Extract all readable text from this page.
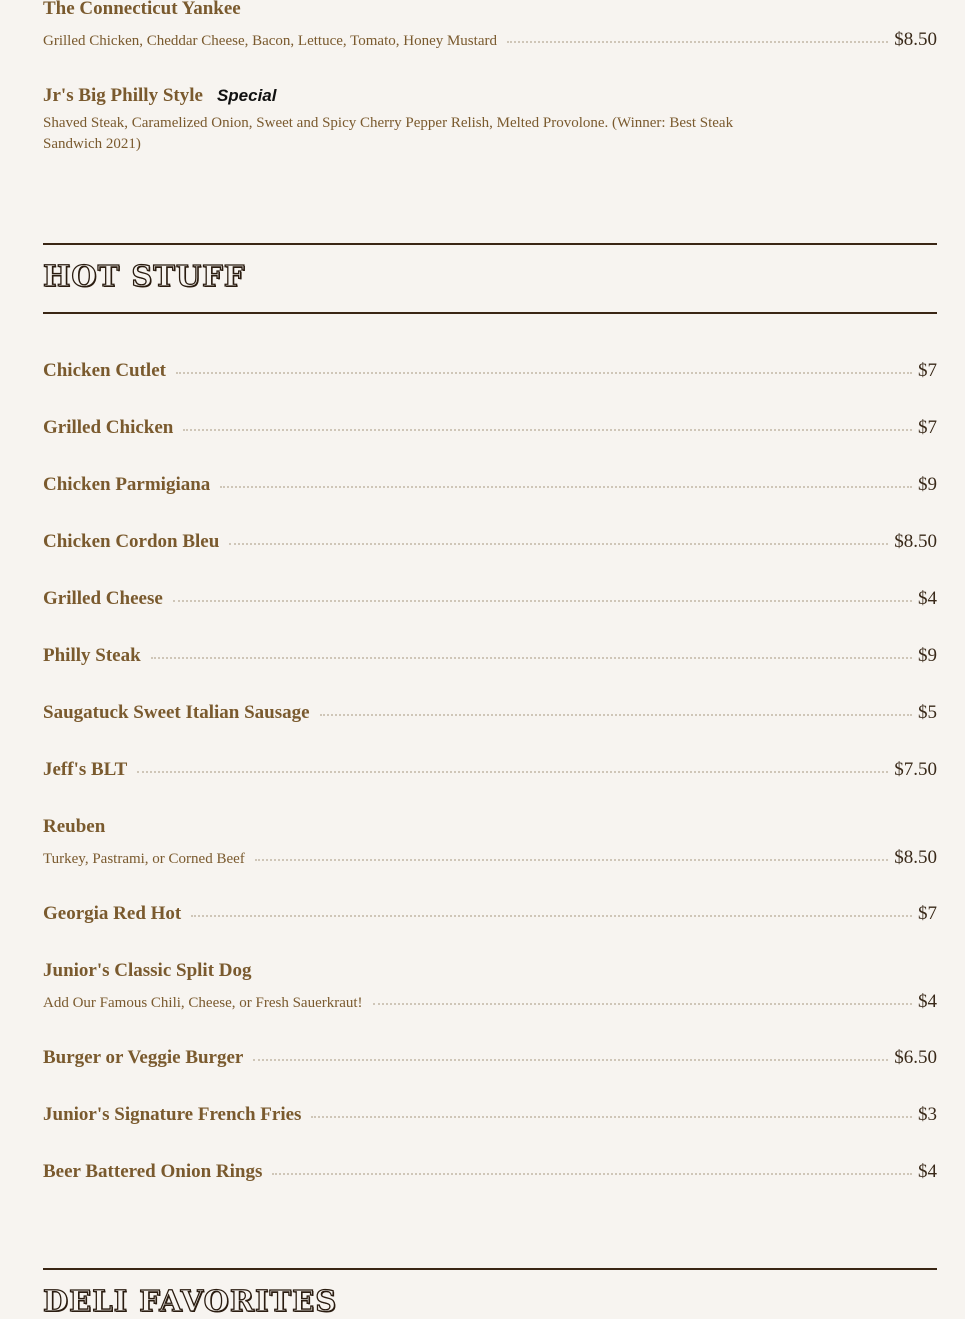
The Connecticut Yankee
Grilled Chicken, Cheddar Cheese, Bacon, Lettuce, Tomato, Honey Mustard	$8.50
Jr's Big Philly Style Special
Shaved Steak, Caramelized Onion, Sweet and Spicy Cherry Pepper Relish, Melted Provolone. (Winner: Best Steak Sandwich 2021)
HOT STUFF
Chicken Cutlet	$7
Grilled Chicken	$7
Chicken Parmigiana	$9
Chicken Cordon Bleu	$8.50
Grilled Cheese	$4
Philly Steak	$9
Saugatuck Sweet Italian Sausage	$5
Jeff's BLT	$7.50
Reuben
Turkey, Pastrami, or Corned Beef	$8.50
Georgia Red Hot	$7
Junior's Classic Split Dog
Add Our Famous Chili, Cheese, or Fresh Sauerkraut!	$4
Burger or Veggie Burger	$6.50
Junior's Signature French Fries	$3
Beer Battered Onion Rings	$4
DELI FAVORITES
